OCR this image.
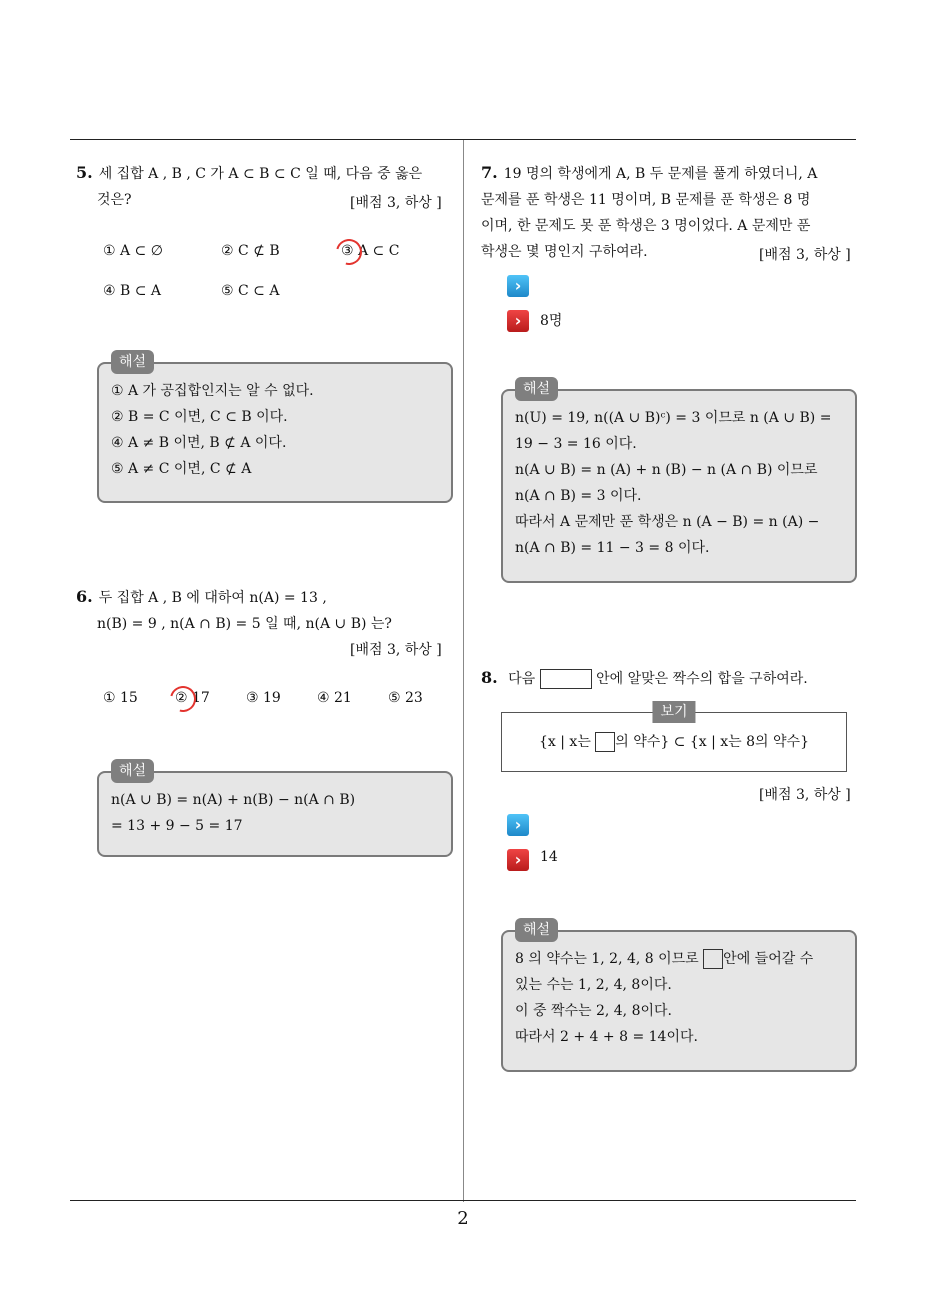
5. 세 집합 A , B , C 가 A ⊂ B ⊂ C 일 때, 다음 중 옳은
것은?	[배점 3, 하상 ]
① A ⊂ ∅	② C ⊄ B	③ A ⊂ C
④ B ⊂ A	⑤ C ⊂ A
해설
① A 가 공집합인지는 알 수 없다.
② B = C 이면, C ⊂ B 이다.
④ A ≠ B 이면, B ⊄ A 이다.
⑤ A ≠ C 이면, C ⊄ A
6. 두 집합 A , B 에 대하여 n(A) = 13 ,
n(B) = 9 , n(A ∩ B) = 5 일 때, n(A ∪ B) 는?
[배점 3, 하상 ]
① 15	② 17	③ 19	④ 21	⑤ 23
해설
n(A ∪ B) = n(A) + n(B) − n(A ∩ B)
= 13 + 9 − 5 = 17
7. 19 명의 학생에게 A, B 두 문제를 풀게 하였더니, A
문제를 푼 학생은 11 명이며, B 문제를 푼 학생은 8 명
이며, 한 문제도 못 푼 학생은 3 명이었다. A 문제만 푼
학생은 몇 명인지 구하여라.	[배점 3, 하상 ]
›
›	8명
해설
n(U) = 19, n((A ∪ B)ᶜ) = 3 이므로 n (A ∪ B) =
19 − 3 = 16 이다.
n(A ∪ B) = n (A) + n (B) − n (A ∩ B) 이므로
n(A ∩ B) = 3 이다.
따라서 A 문제만 푼 학생은 n (A − B) = n (A) −
n(A ∩ B) = 11 − 3 = 8 이다.
8. 다음	안에 알맞은 짝수의 합을 구하여라.
보기
{x | x는 의 약수} ⊂ {x | x는 8의 약수}
[배점 3, 하상 ]
›
›	14
해설
8 의 약수는 1, 2, 4, 8 이므로 안에 들어갈 수
있는 수는 1, 2, 4, 8이다.
이 중 짝수는 2, 4, 8이다.
따라서 2 + 4 + 8 = 14이다.
2
